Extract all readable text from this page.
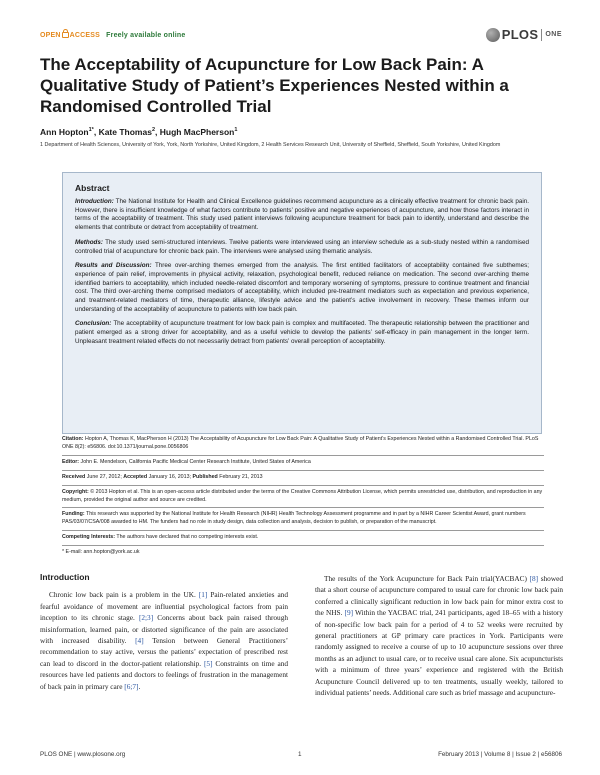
OPEN ACCESS Freely available online	PLOS ONE
The Acceptability of Acupuncture for Low Back Pain: A Qualitative Study of Patient’s Experiences Nested within a Randomised Controlled Trial
Ann Hopton$^{1*}$, Kate Thomas$^2$, Hugh MacPherson$^1$
1 Department of Health Sciences, University of York, York, North Yorkshire, United Kingdom, 2 Health Services Research Unit, University of Sheffield, Sheffield, South Yorkshire, United Kingdom
Abstract

Introduction: The National Institute for Health and Clinical Excellence guidelines recommend acupuncture as a clinically effective treatment for chronic back pain. However, there is insufficient knowledge of what factors contribute to patients’ positive and negative experiences of acupuncture, and how those factors interact in terms of the acceptability of treatment. This study used patient interviews following acupuncture treatment for back pain to identify, understand and describe the elements that contribute or detract from acceptability of treatment.

Methods: The study used semi-structured interviews. Twelve patients were interviewed using an interview schedule as a sub-study nested within a randomised controlled trial of acupuncture for chronic back pain. The interviews were analysed using thematic analysis.

Results and Discussion: Three over-arching themes emerged from the analysis. The first entitled facilitators of acceptability contained five subthemes; experience of pain relief, improvements in physical activity, relaxation, psychological benefit, reduced reliance on medication. The second over-arching theme identified barriers to acceptability, which included needle-related discomfort and temporary worsening of symptoms, pressure to continue treatment and financial cost. The third over-arching theme comprised mediators of acceptability, which included pre-treatment mediators such as expectation and previous experience, and treatment-related mediators of time, therapeutic alliance, lifestyle advice and the patient’s active involvement in recovery. These themes inform our understanding of the acceptability of acupuncture to patients with low back pain.

Conclusion: The acceptability of acupuncture treatment for low back pain is complex and multifaceted. The therapeutic relationship between the practitioner and patient emerged as a strong driver for acceptability, and as a useful vehicle to develop the patients’ self-efficacy in pain management in the longer term. Unpleasant treatment related effects do not necessarily detract from patients’ overall perception of acceptability.

Citation: Hopton A, Thomas K, MacPherson H (2013) The Acceptability of Acupuncture for Low Back Pain: A Qualitative Study of Patient’s Experiences Nested within a Randomised Controlled Trial. PLoS ONE 8(2): e56806. doi:10.1371/journal.pone.0056806

Editor: John E. Mendelson, California Pacific Medical Center Research Institute, United States of America

Received June 27, 2012; Accepted January 16, 2013; Published February 21, 2013

Copyright: © 2013 Hopton et al. This is an open-access article distributed under the terms of the Creative Commons Attribution License, which permits unrestricted use, distribution, and reproduction in any medium, provided the original author and source are credited.

Funding: This research was supported by the National Institute for Health Research (NIHR) Health Technology Assessment programme and in part by a NIHR Career Scientist Award, grant numbers PAS/03/07/CSA/008 awarded to HM. The funders had no role in study design, data collection and analysis, decision to publish, or preparation of the manuscript.

Competing Interests: The authors have declared that no competing interests exist.

* E-mail: ann.hopton@york.ac.uk

Introduction

Chronic low back pain is a problem in the UK. [1] Pain-related anxieties and fearful avoidance of movement are influential psychological factors from pain inception to its chronic stage. [2;3] Concerns about back pain raised through misinformation, learned pain, or distorted significance of the pain are associated with increased disability. [4] Tension between General Practitioners’ recommendation to stay active, versus the patients’ expectation of prescribed rest can lead to discord in the doctor-patient relationship. [5] Constraints on time and resources have led patients and doctors to feelings of frustration in the management of back pain in primary care [6;7].

The results of the York Acupuncture for Back Pain trial(YACBAC) [8] showed that a short course of acupuncture compared to usual care for chronic low back pain conferred a clinically significant reduction in low back pain for minor extra cost to the NHS. [9] Within the YACBAC trial, 241 participants, aged 18–65 with a history of non-specific low back pain for a period of 4 to 52 weeks were recruited by general practitioners at GP primary care practices in York. Participants were randomly assigned to receive a course of up to 10 acupuncture sessions over three months as an adjunct to usual care, or to receive usual care alone. Six acupuncturists with a minimum of three years’ experience and registered with the British Acupuncture Council delivered up to ten treatments, usually weekly, tailored to individual patients’ needs. Additional care such as brief massage and acupuncture-

PLOS ONE | www.plosone.org	1	February 2013 | Volume 8 | Issue 2 | e56806
